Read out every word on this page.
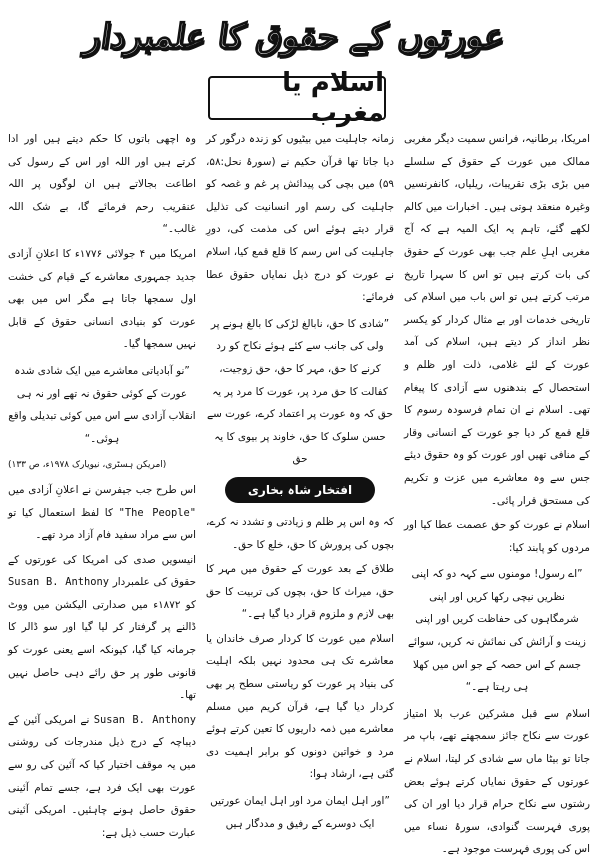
عورتوں کے حقوق کا علمبردار
اسلام یا مغرب

امریکا، برطانیہ، فرانس سمیت دیگر مغربی ممالک میں عورت کے حقوق کے سلسلے میں بڑی بڑی تقریبات، ریلیاں، کانفرنسیں وغیرہ منعقد ہوتی ہیں۔ اخبارات میں کالم لکھے گئے، تاہم یہ ایک المیہ ہے کہ آج مغربی اہلِ علم جب بھی عورت کے حقوق کی بات کرتے ہیں تو اس کا سہرا تاریخ مرتب کرتے ہیں تو اس باب میں اسلام کی تاریخی خدمات اور بے مثال کردار کو یکسر نظر انداز کر دیتے ہیں، اسلام کی آمد عورت کے لئے غلامی، ذلت اور ظلم و استحصال کے بندھنوں سے آزادی کا پیغام تھی۔ اسلام نے ان تمام فرسودہ رسوم کا قلع قمع کر دیا جو عورت کے انسانی وقار کے منافی تھیں اور عورت کو وہ حقوق دیئے جس سے وہ معاشرے میں عزت و تکریم کی مستحق قرار پائی۔

اسلام نے عورت کو حق عصمت عطا کیا اور مردوں کو پابند کیا:

”اے رسول! مومنوں سے کہہ دو کہ اپنی نظریں نیچی رکھا کریں اور اپنی شرمگاہوں کی حفاظت کریں اور اپنی زینت و آرائش کی نمائش نہ کریں، سوائے جسم کے اس حصہ کے جو اس میں کھلا ہی رہتا ہے۔“

اسلام سے قبل مشرکین عرب بلا امتیاز عورت سے نکاح جائز سمجھتے تھے، باپ مر جاتا تو بیٹا ماں سے شادی کر لیتا، اسلام نے عورتوں کے حقوق نمایاں کرتے ہوئے بعض رشتوں سے نکاح حرام قرار دیا اور ان کی پوری فہرست گنوادی، سورۂ نساء میں اس کی پوری فہرست موجود ہے۔

زمانہ جاہلیت میں بیٹیوں کو زندہ درگور کر دیا جاتا تھا قرآن حکیم نے (سورۂ نحل:۵۸، ۵۹) میں بچی کی پیدائش پر غم و غصہ کو جاہلیت کی رسم اور انسانیت کی تذلیل قرار دیتے ہوئے اس کی مذمت کی، دورِ جاہلیت کی اس رسم کا قلع قمع کیا، اسلام نے عورت کو درج ذیل نمایاں حقوق عطا فرمائے:

”شادی کا حق، نابالغ لڑکی کا بالغ ہونے پر ولی کی جانب سے کئے ہوئے نکاح کو رد کرنے کا حق، مہر کا حق، حق زوجیت، کفالت کا حق مرد پر، عورت کا مرد پر یہ حق کہ وہ عورت پر اعتماد کرے، عورت سے حسن سلوک کا حق، خاوند پر بیوی کا یہ حق

افتخار شاہ بخاری

کہ وہ اس پر ظلم و زیادتی و تشدد نہ کرے، بچوں کی پرورش کا حق، خلع کا حق۔

طلاق کے بعد عورت کے حقوق میں مہر کا حق، میراث کا حق، بچوں کی تربیت کا حق بھی لازم و ملزوم قرار دیا گیا ہے۔“

اسلام میں عورت کا کردار صرف خاندان یا معاشرے تک ہی محدود نہیں بلکہ اہلیت کی بنیاد پر عورت کو ریاستی سطح پر بھی کردار دیا گیا ہے، قرآن کریم میں مسلم معاشرے میں ذمہ داریوں کا تعین کرتے ہوئے مرد و خواتین دونوں کو برابر اہمیت دی گئی ہے، ارشاد ہوا:

”اور اہل ایمان مرد اور اہل ایمان عورتیں ایک دوسرے کے رفیق و مددگار ہیں

وہ اچھی باتوں کا حکم دیتے ہیں اور ادا کرتے ہیں اور اللہ اور اس کے رسول کی اطاعت بجالاتے ہیں ان لوگوں پر اللہ عنقریب رحم فرمائے گا، بے شک اللہ غالب۔“

امریکا میں ۴ جولائی ۱۷۷۶ء کا اعلانِ آزادی جدید جمہوری معاشرے کے قیام کی خشت اول سمجھا جاتا ہے مگر اس میں بھی عورت کو بنیادی انسانی حقوق کے قابل نہیں سمجھا گیا۔

”نو آبادیاتی معاشرے میں ایک شادی شدہ عورت کے کوئی حقوق نہ تھے اور نہ ہی انقلاب آزادی سے اس میں کوئی تبدیلی واقع ہوئی۔“

(امریکن ہسٹری، نیویارک ۱۹۷۸ء، ص ۱۳۳)

اس طرح جب جیفرسن نے اعلانِ آزادی میں "The People" کا لفظ استعمال کیا تو اس سے مراد سفید فام آزاد مرد تھے۔

انیسویں صدی کی امریکا کی عورتوں کے حقوق کی علمبردار Susan B. Anthony کو ۱۸۷۲ء میں صدارتی الیکشن میں ووٹ ڈالنے پر گرفتار کر لیا گیا اور سو ڈالر کا جرمانہ کیا گیا، کیونکہ اسے یعنی عورت کو قانونی طور پر حق رائے دہی حاصل نہیں تھا۔

Susan B. Anthony نے امریکی آئین کے دیباچہ کے درج ذیل مندرجات کی روشنی میں یہ موقف اختیار کیا کہ آئین کی رو سے عورت بھی ایک فرد ہے، جسے تمام آئینی حقوق حاصل ہونے چاہئیں۔ امریکی آئینی عبارت حسب ذیل ہے:
